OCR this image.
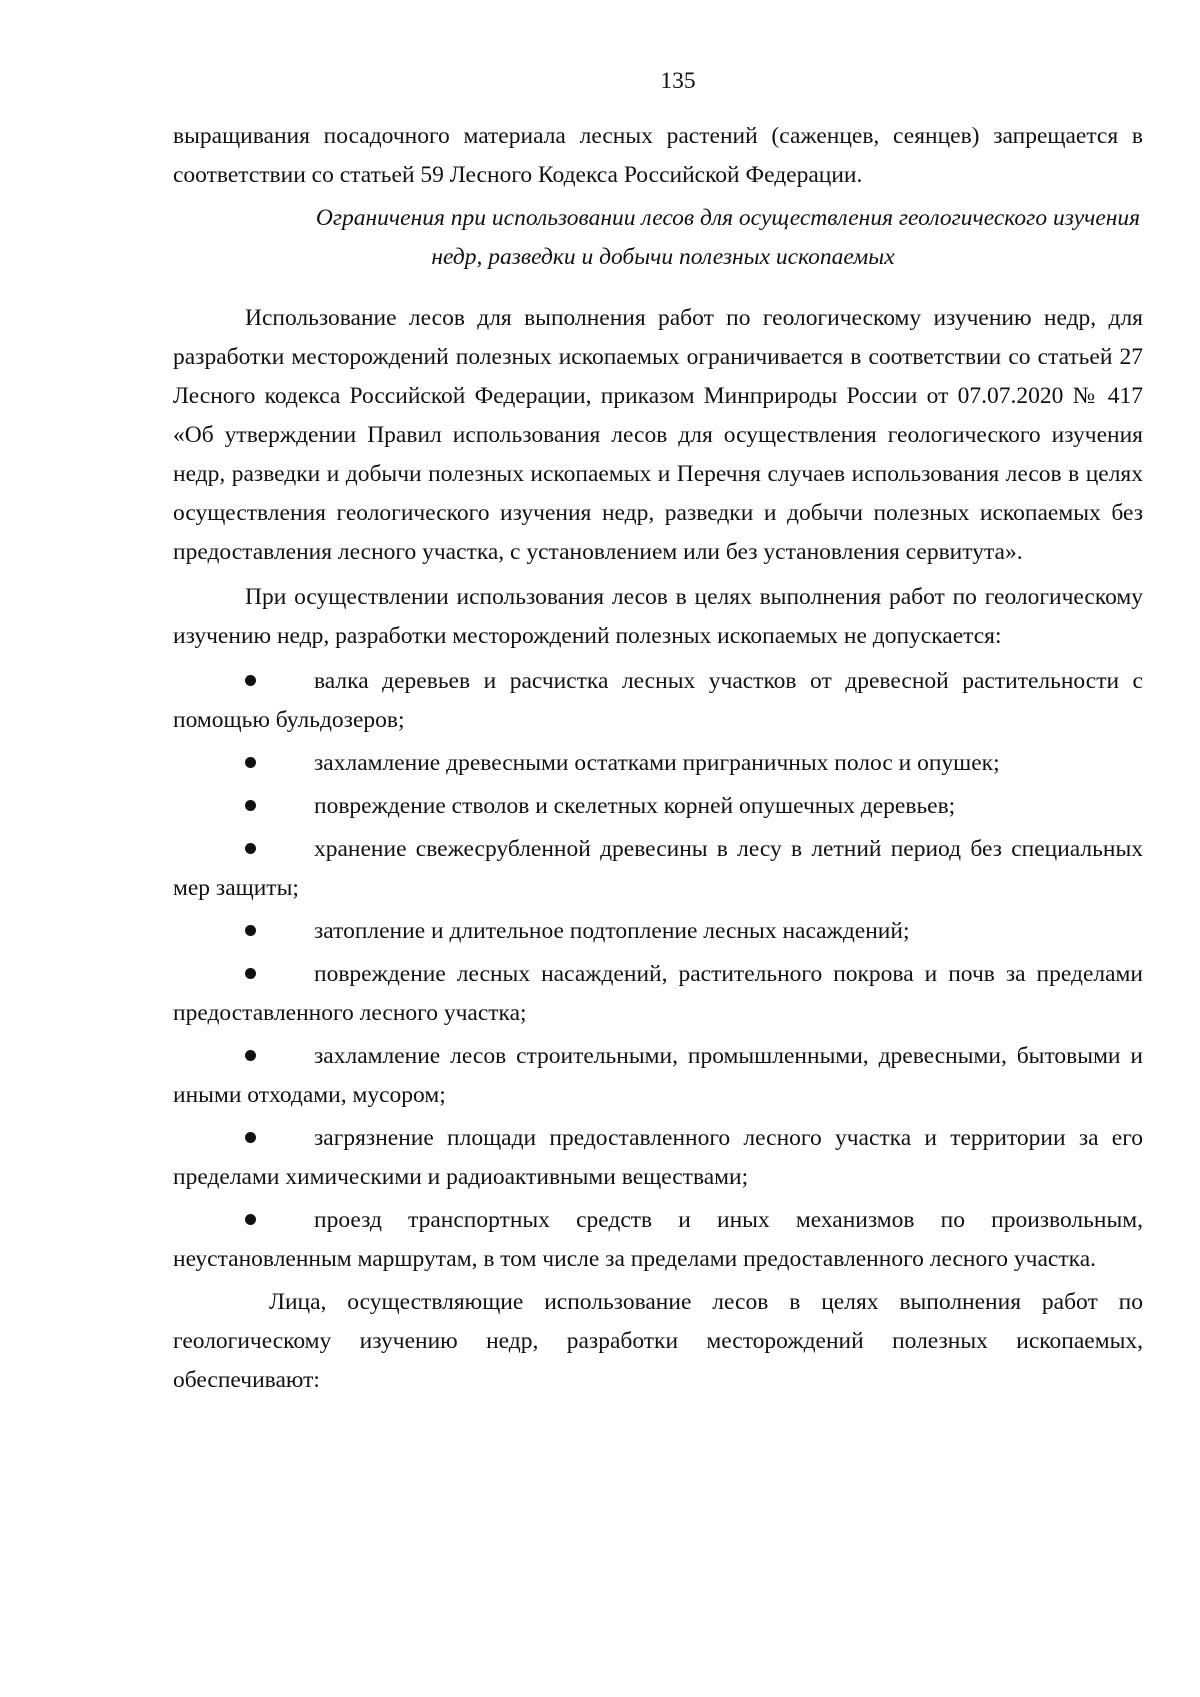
135

выращивания посадочного материала лесных растений (саженцев, сеянцев) запрещается в соответствии со статьей 59 Лесного Кодекса Российской Федерации.

Ограничения при использовании лесов для осуществления геологического изучения
недр, разведки и добычи полезных ископаемых

Использование лесов для выполнения работ по геологическому изучению недр, для разработки месторождений полезных ископаемых ограничивается в соответствии со статьей 27 Лесного кодекса Российской Федерации, приказом Минприроды России от 07.07.2020 № 417 «Об утверждении Правил использования лесов для осуществления геологического изучения недр, разведки и добычи полезных ископаемых и Перечня случаев использования лесов в целях осуществления геологического изучения недр, разведки и добычи полезных ископаемых без предоставления лесного участка, с установлением или без установления сервитута».

При осуществлении использования лесов в целях выполнения работ по геологическому изучению недр, разработки месторождений полезных ископаемых не допускается:

валка деревьев и расчистка лесных участков от древесной растительности с помощью бульдозеров;
захламление древесными остатками приграничных полос и опушек;
повреждение стволов и скелетных корней опушечных деревьев;
хранение свежесрубленной древесины в лесу в летний период без специальных мер защиты;
затопление и длительное подтопление лесных насаждений;
повреждение лесных насаждений, растительного покрова и почв за пределами предоставленного лесного участка;
захламление лесов строительными, промышленными, древесными, бытовыми и иными отходами, мусором;
загрязнение площади предоставленного лесного участка и территории за его пределами химическими и радиоактивными веществами;
проезд транспортных средств и иных механизмов по произвольным, неустановленным маршрутам, в том числе за пределами предоставленного лесного участка.

Лица, осуществляющие использование лесов в целях выполнения работ по геологическому изучению недр, разработки месторождений полезных ископаемых, обеспечивают:
